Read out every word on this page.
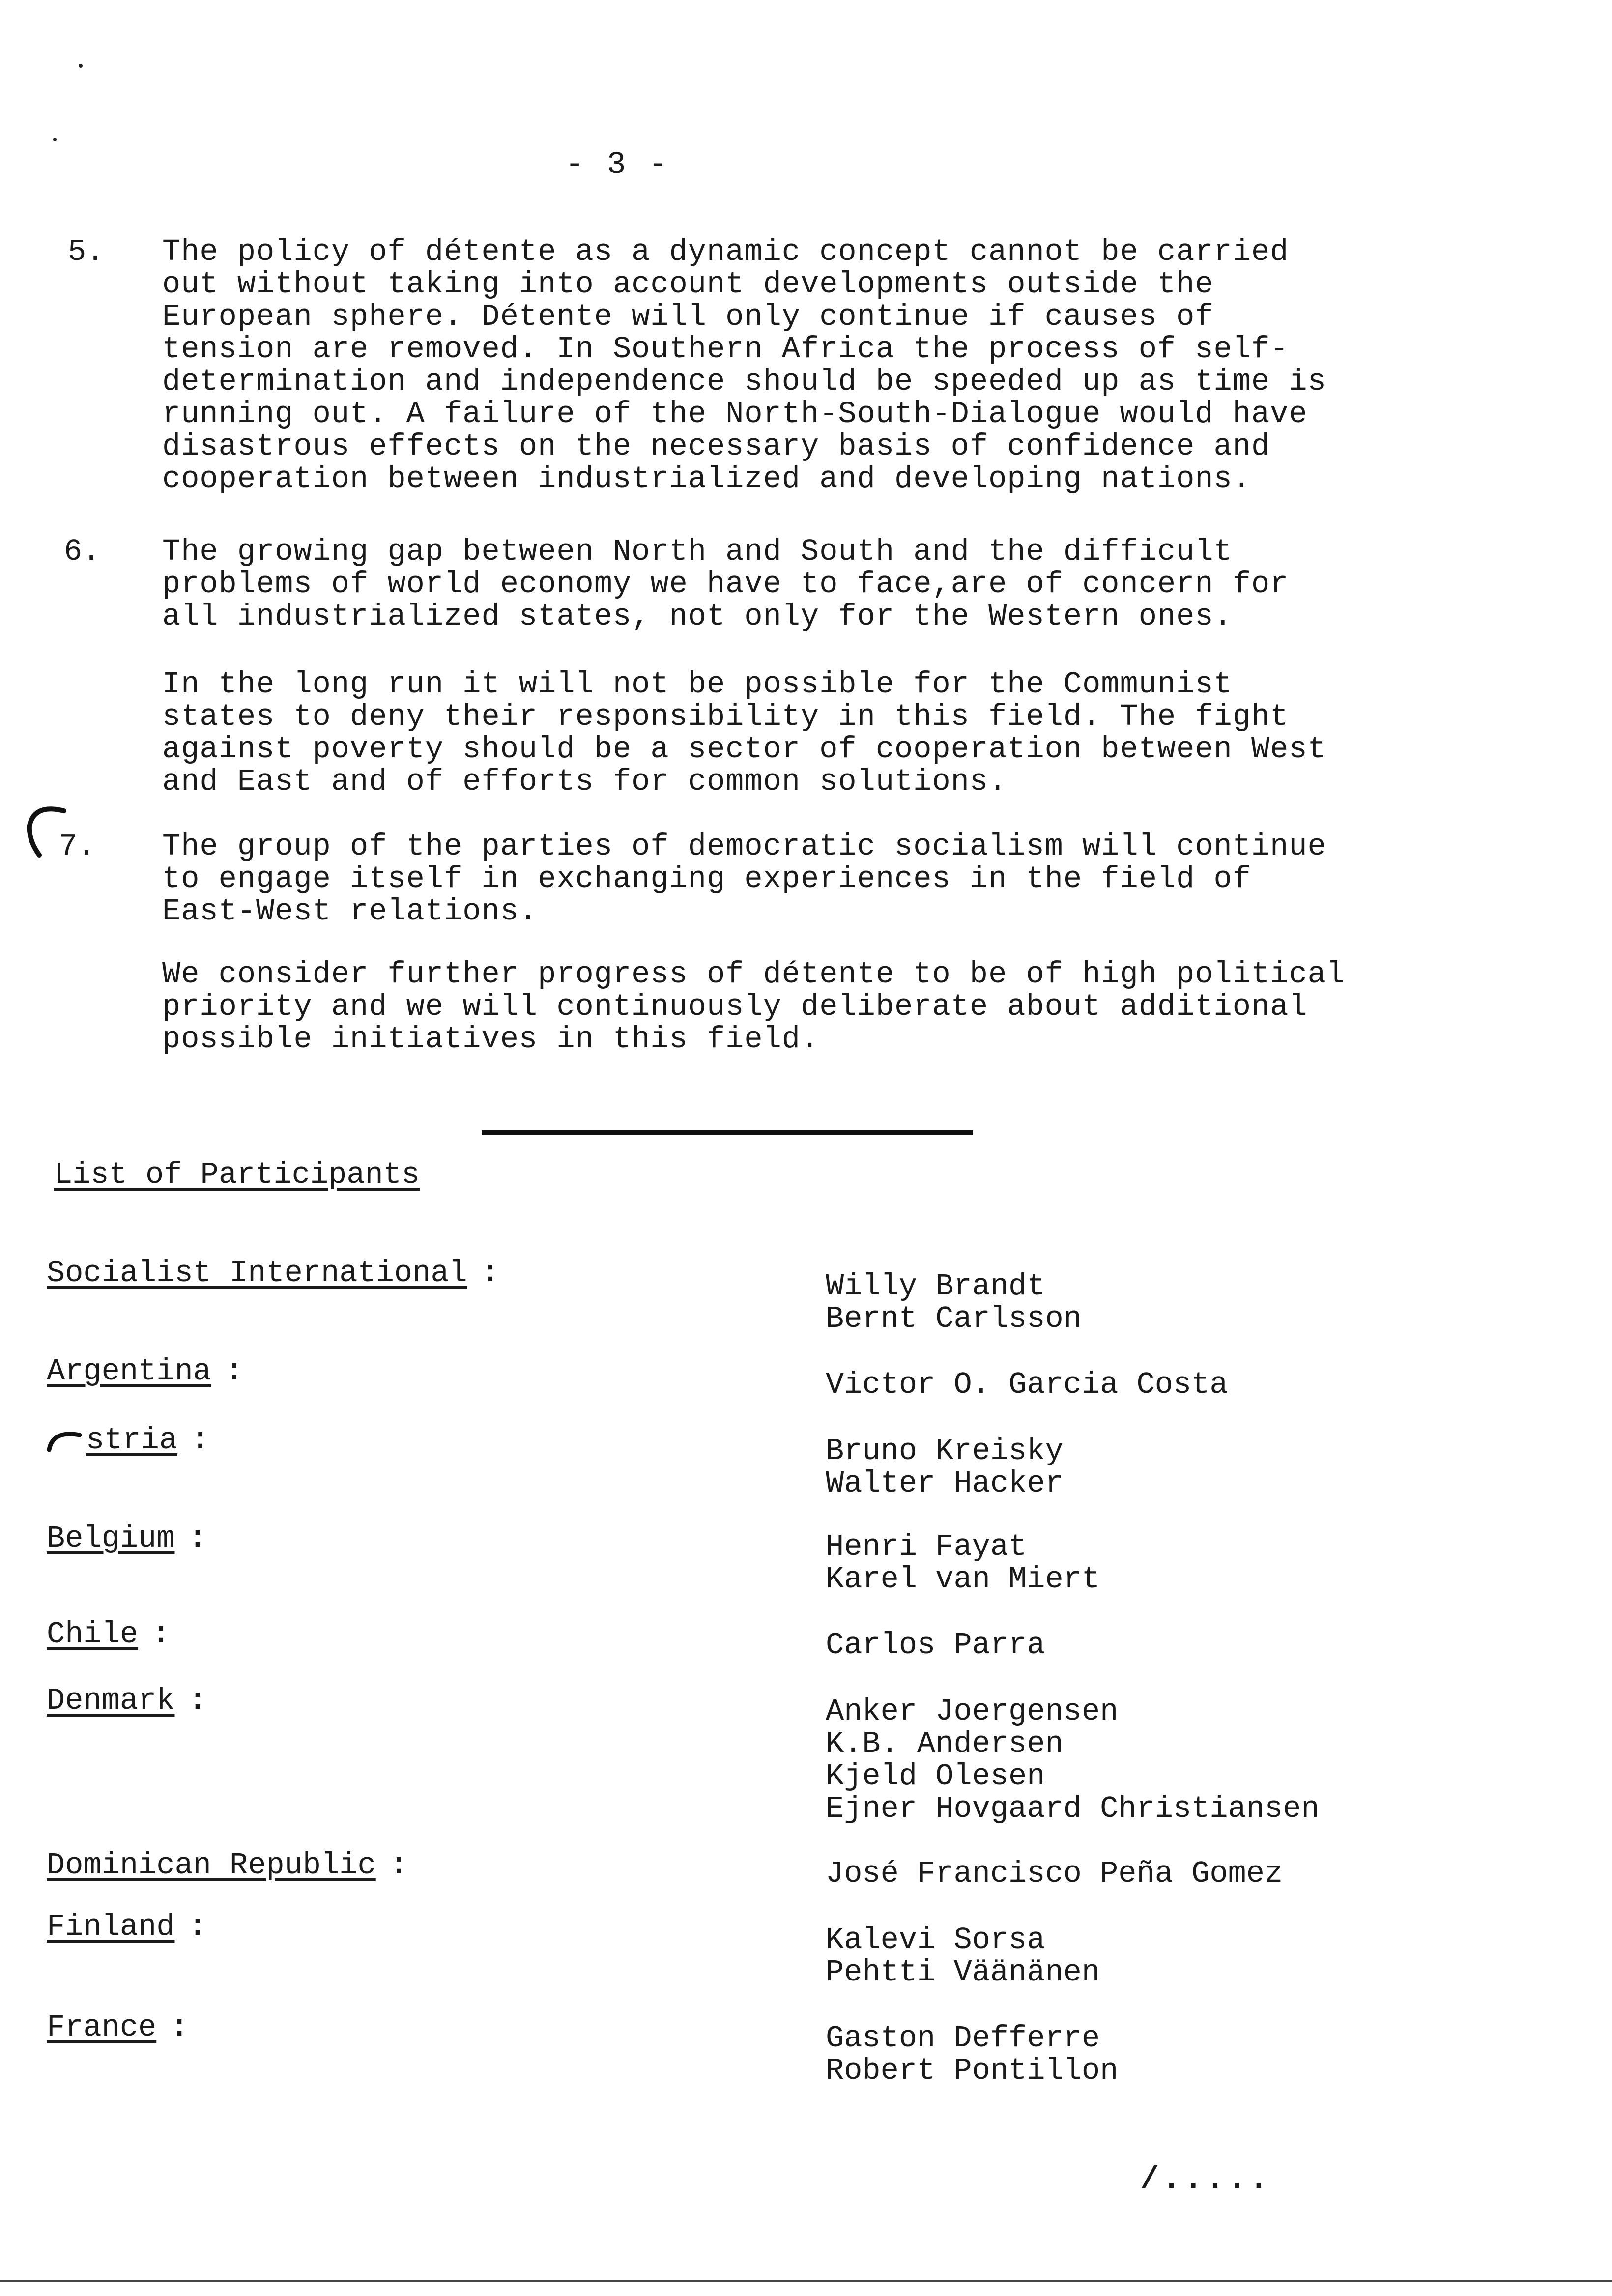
- 3 -
5. The policy of détente as a dynamic concept cannot be carried
out without taking into account developments outside the
European sphere. Détente will only continue if causes of
tension are removed. In Southern Africa the process of self-
determination and independence should be speeded up as time is
running out. A failure of the North-South-Dialogue would have
disastrous effects on the necessary basis of confidence and
cooperation between industrialized and developing nations.
6. The growing gap between North and South and the difficult
problems of world economy we have to face,are of concern for
all industrialized states, not only for the Western ones.
In the long run it will not be possible for the Communist
states to deny their responsibility in this field. The fight
against poverty should be a sector of cooperation between West
and East and of efforts for common solutions.
7. The group of the parties of democratic socialism will continue
to engage itself in exchanging experiences in the field of
East-West relations.
We consider further progress of détente to be of high political
priority and we will continuously deliberate about additional
possible initiatives in this field.
List of Participants
Socialist International :	Willy Brandt
Bernt Carlsson
Argentina :	Victor O. Garcia Costa
stria :	Bruno Kreisky
Walter Hacker
Belgium :	Henri Fayat
Karel van Miert
Chile :	Carlos Parra
Denmark :	Anker Joergensen
K.B. Andersen
Kjeld Olesen
Ejner Hovgaard Christiansen
Dominican Republic :	José Francisco Peña Gomez
Finland :	Kalevi Sorsa
Pehtti Väänänen
France :	Gaston Defferre
Robert Pontillon
/.....
